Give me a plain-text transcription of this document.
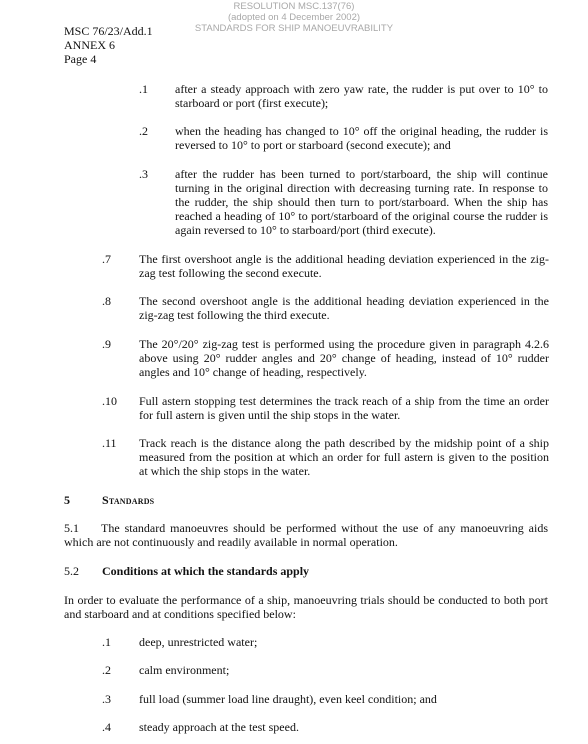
RESOLUTION MSC.137(76)
(adopted on 4 December 2002)
STANDARDS FOR SHIP MANOEUVRABILITY
MSC 76/23/Add.1
ANNEX 6
Page 4
.1	after a steady approach with zero yaw rate, the rudder is put over to 10° to starboard or port (first execute);
.2	when the heading has changed to 10° off the original heading, the rudder is reversed to 10° to port or starboard (second execute); and
.3	after the rudder has been turned to port/starboard, the ship will continue turning in the original direction with decreasing turning rate. In response to the rudder, the ship should then turn to port/starboard. When the ship has reached a heading of 10° to port/starboard of the original course the rudder is again reversed to 10° to starboard/port (third execute).
.7	The first overshoot angle is the additional heading deviation experienced in the zig-zag test following the second execute.
.8	The second overshoot angle is the additional heading deviation experienced in the zig-zag test following the third execute.
.9	The 20°/20° zig-zag test is performed using the procedure given in paragraph 4.2.6 above using 20° rudder angles and 20° change of heading, instead of 10° rudder angles and 10° change of heading, respectively.
.10	Full astern stopping test determines the track reach of a ship from the time an order for full astern is given until the ship stops in the water.
.11	Track reach is the distance along the path described by the midship point of a ship measured from the position at which an order for full astern is given to the position at which the ship stops in the water.
5	Standards
5.1 The standard manoeuvres should be performed without the use of any manoeuvring aids which are not continuously and readily available in normal operation.
5.2	Conditions at which the standards apply
In order to evaluate the performance of a ship, manoeuvring trials should be conducted to both port and starboard and at conditions specified below:
.1	deep, unrestricted water;
.2	calm environment;
.3	full load (summer load line draught), even keel condition; and
.4	steady approach at the test speed.
